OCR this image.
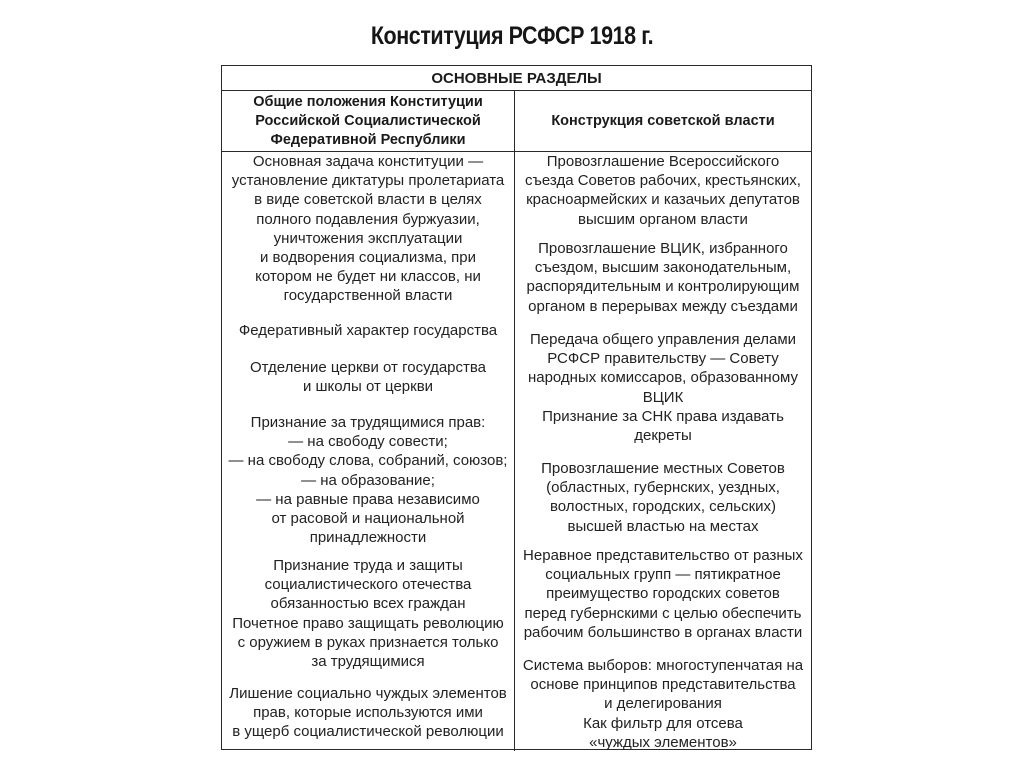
Конституция РСФСР 1918 г.
ОСНОВНЫЕ РАЗДЕЛЫ
Общие положения Конституции
Российской Социалистической
Федеративной Республики
Конструкция советской власти
Основная задача конституции —
установление диктатуры пролетариата
в виде советской власти в целях
полного подавления буржуазии,
уничтожения эксплуатации
и водворения социализма, при
котором не будет ни классов, ни
государственной власти
Федеративный характер государства
Отделение церкви от государства
и школы от церкви
Признание за трудящимися прав:
— на свободу совести;
— на свободу слова, собраний, союзов;
— на образование;
— на равные права независимо
от расовой и национальной
принадлежности
Признание труда и защиты
социалистического отечества
обязанностью всех граждан
Почетное право защищать революцию
с оружием в руках признается только
за трудящимися
Лишение социально чуждых элементов
прав, которые используются ими
в ущерб социалистической революции
Провозглашение Всероссийского
съезда Советов рабочих, крестьянских,
красноармейских и казачьих депутатов
высшим органом власти
Провозглашение ВЦИК, избранного
съездом, высшим законодательным,
распорядительным и контролирующим
органом в перерывах между съездами
Передача общего управления делами
РСФСР правительству — Совету
народных комиссаров, образованному
ВЦИК
Признание за СНК права издавать
декреты
Провозглашение местных Советов
(областных, губернских, уездных,
волостных, городских, сельских)
высшей властью на местах
Неравное представительство от разных
социальных групп — пятикратное
преимущество городских советов
перед губернскими с целью обеспечить
рабочим большинство в органах власти
Система выборов: многоступенчатая на
основе принципов представительства
и делегирования
Как фильтр для отсева
«чуждых элементов»
